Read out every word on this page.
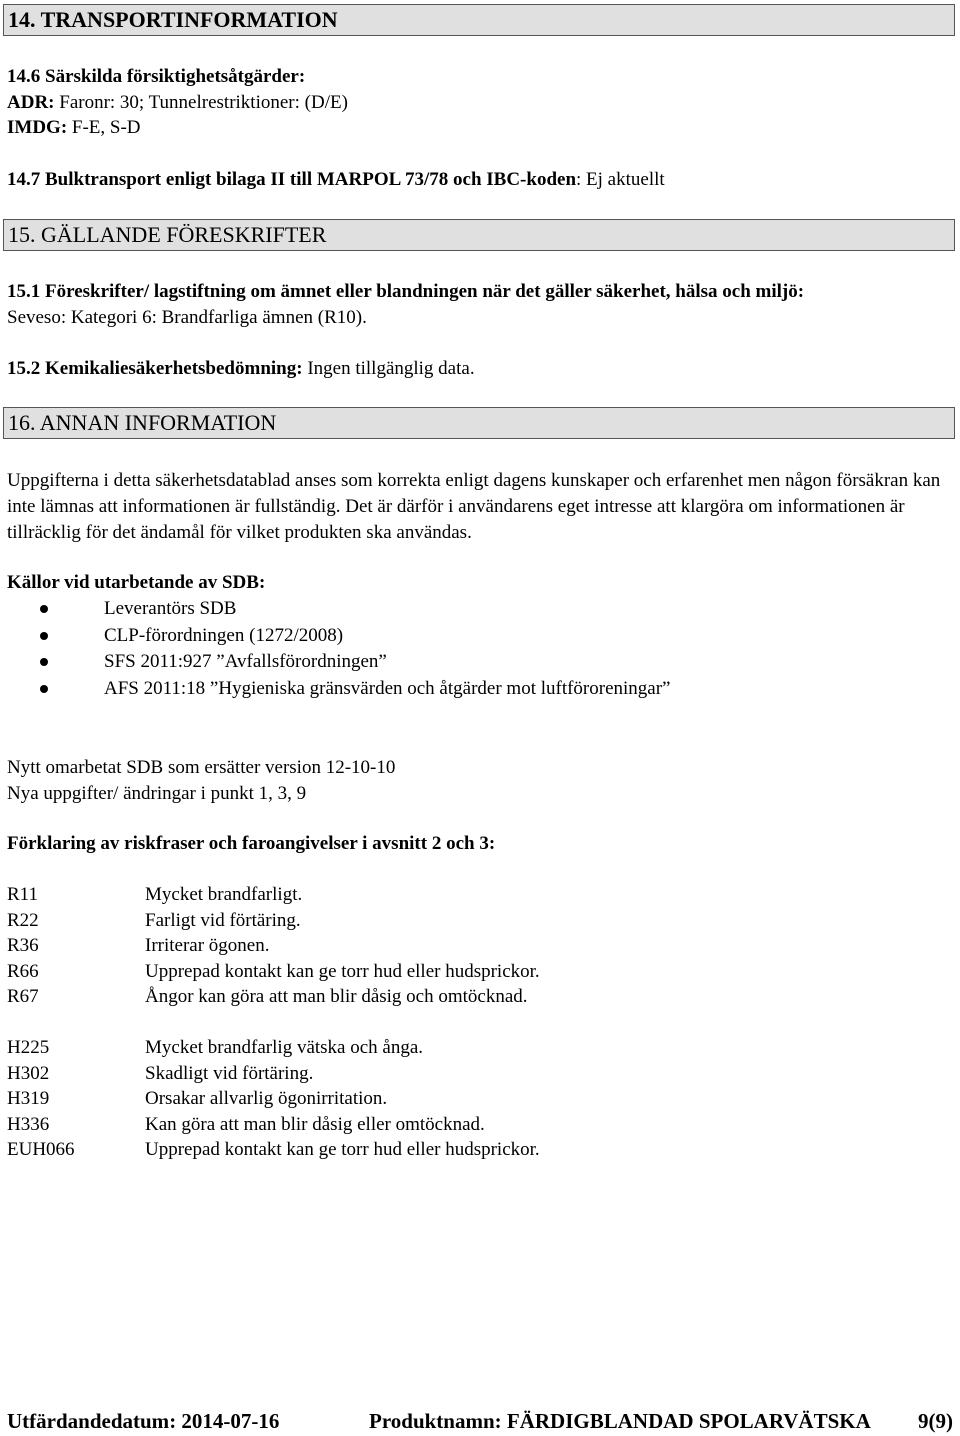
14. TRANSPORTINFORMATION
14.6 Särskilda försiktighetsåtgärder:
ADR: Faronr: 30; Tunnelrestriktioner: (D/E)
IMDG: F-E, S-D
14.7 Bulktransport enligt bilaga II till MARPOL 73/78 och IBC-koden: Ej aktuellt
15. GÄLLANDE FÖRESKRIFTER
15.1 Föreskrifter/ lagstiftning om ämnet eller blandningen när det gäller säkerhet, hälsa och miljö:
Seveso: Kategori 6: Brandfarliga ämnen (R10).
15.2 Kemikaliesäkerhetsbedömning: Ingen tillgänglig data.
16. ANNAN INFORMATION
Uppgifterna i detta säkerhetsdatablad anses som korrekta enligt dagens kunskaper och erfarenhet men någon försäkran kan inte lämnas att informationen är fullständig. Det är därför i användarens eget intresse att klargöra om informationen är tillräcklig för det ändamål för vilket produkten ska användas.
Källor vid utarbetande av SDB:
Leverantörs SDB
CLP-förordningen (1272/2008)
SFS 2011:927 ”Avfallsförordningen”
AFS 2011:18 ”Hygieniska gränsvärden och åtgärder mot luftföroreningar”
Nytt omarbetat SDB som ersätter version 12-10-10
Nya uppgifter/ ändringar i punkt 1, 3, 9
Förklaring av riskfraser och faroangivelser i avsnitt 2 och 3:
R11	Mycket brandfarligt.
R22	Farligt vid förtäring.
R36	Irriterar ögonen.
R66	Upprepad kontakt kan ge torr hud eller hudsprickor.
R67	Ångor kan göra att man blir dåsig och omtöcknad.
H225	Mycket brandfarlig vätska och ånga.
H302	Skadligt vid förtäring.
H319	Orsakar allvarlig ögonirritation.
H336	Kan göra att man blir dåsig eller omtöcknad.
EUH066	Upprepad kontakt kan ge torr hud eller hudsprickor.
Utfärdandedatum: 2014-07-16	Produktnamn: FÄRDIGBLANDAD SPOLARVÄTSKA 9(9)
